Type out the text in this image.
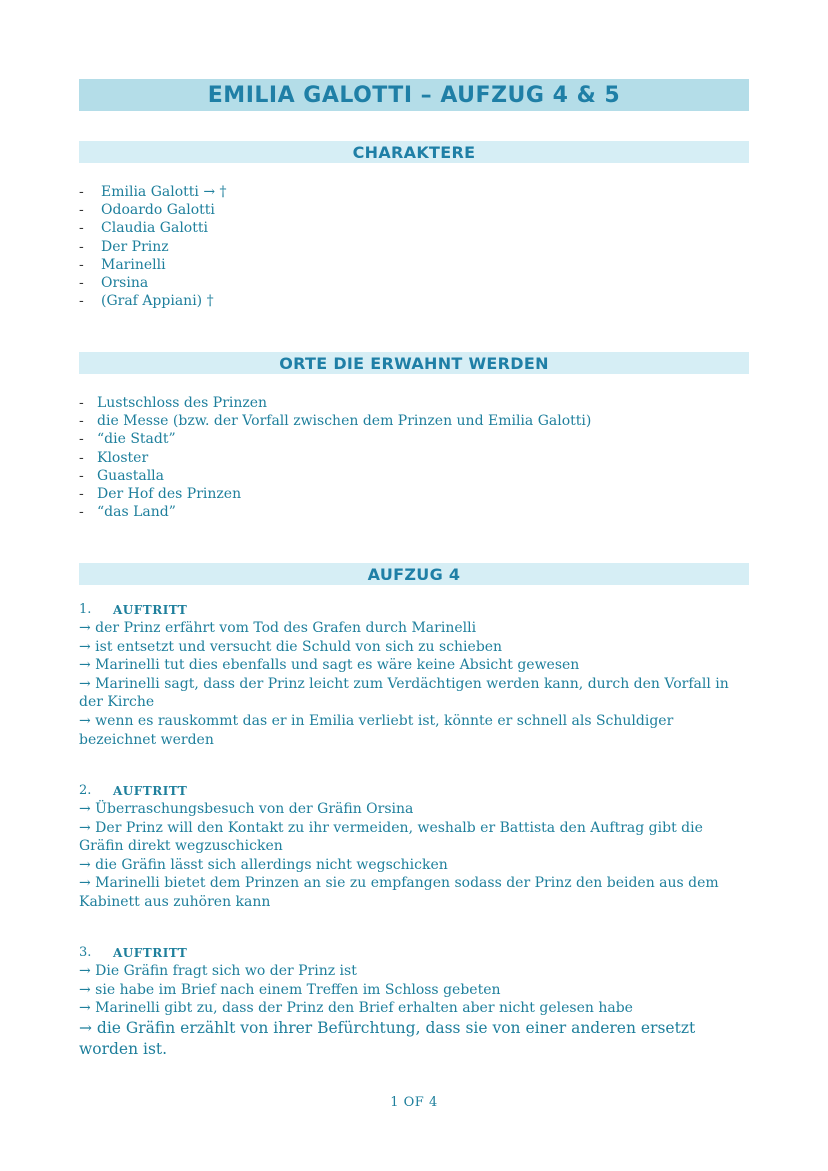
EMILIA GALOTTI – AUFZUG 4 & 5
CHARAKTERE
-	Emilia Galotti → †
-	Odoardo Galotti
-	Claudia Galotti
-	Der Prinz
-	Marinelli
-	Orsina
-	(Graf Appiani) †
ORTE DIE ERWAHNT WERDEN
- Lustschloss des Prinzen
- die Messe (bzw. der Vorfall zwischen dem Prinzen und Emilia Galotti)
- “die Stadt”
- Kloster
- Guastalla
- Der Hof des Prinzen
- “das Land”
AUFZUG 4
1.	AUFTRITT
→ der Prinz erfährt vom Tod des Grafen durch Marinelli
→ ist entsetzt und versucht die Schuld von sich zu schieben
→ Marinelli tut dies ebenfalls und sagt es wäre keine Absicht gewesen
→ Marinelli sagt, dass der Prinz leicht zum Verdächtigen werden kann, durch den Vorfall in
der Kirche
→ wenn es rauskommt das er in Emilia verliebt ist, könnte er schnell als Schuldiger
bezeichnet werden
2.	AUFTRITT
→ Überraschungsbesuch von der Gräfin Orsina
→ Der Prinz will den Kontakt zu ihr vermeiden, weshalb er Battista den Auftrag gibt die
Gräfin direkt wegzuschicken
→ die Gräfin lässt sich allerdings nicht wegschicken
→ Marinelli bietet dem Prinzen an sie zu empfangen sodass der Prinz den beiden aus dem
Kabinett aus zuhören kann
3.	AUFTRITT
→ Die Gräfin fragt sich wo der Prinz ist
→ sie habe im Brief nach einem Treffen im Schloss gebeten
→ Marinelli gibt zu, dass der Prinz den Brief erhalten aber nicht gelesen habe
→ die Gräfin erzählt von ihrer Befürchtung, dass sie von einer anderen ersetzt
worden ist.
1 OF 4
